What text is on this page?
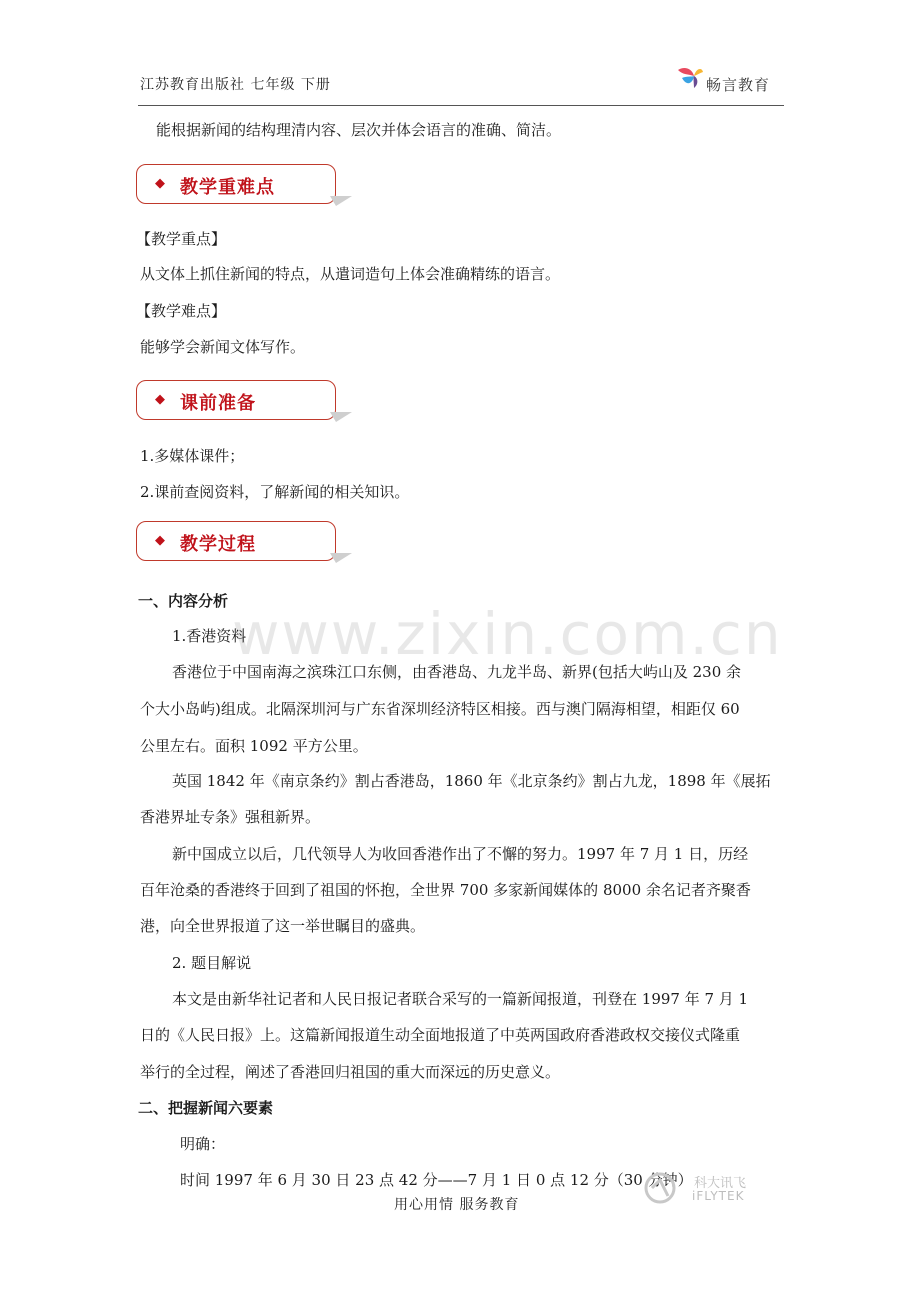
江苏教育出版社 七年级 下册	畅言教育
能根据新闻的结构理清内容、层次并体会语言的准确、简洁。
◆ 教学重难点
【教学重点】
从文体上抓住新闻的特点，从遣词造句上体会准确精练的语言。
【教学难点】
能够学会新闻文体写作。
◆ 课前准备
1.多媒体课件；
2.课前查阅资料，了解新闻的相关知识。
◆ 教学过程
www.zixin.com.cn
一、内容分析
1.香港资料
香港位于中国南海之滨珠江口东侧，由香港岛、九龙半岛、新界(包括大屿山及 230 余
个大小岛屿)组成。北隔深圳河与广东省深圳经济特区相接。西与澳门隔海相望，相距仅 60
公里左右。面积 1092 平方公里。
英国 1842 年《南京条约》割占香港岛，1860 年《北京条约》割占九龙，1898 年《展拓
香港界址专条》强租新界。
新中国成立以后，几代领导人为收回香港作出了不懈的努力。1997 年 7 月 1 日，历经
百年沧桑的香港终于回到了祖国的怀抱，全世界 700 多家新闻媒体的 8000 余名记者齐聚香
港，向全世界报道了这一举世瞩目的盛典。
2. 题目解说
本文是由新华社记者和人民日报记者联合采写的一篇新闻报道，刊登在 1997 年 7 月 1
日的《人民日报》上。这篇新闻报道生动全面地报道了中英两国政府香港政权交接仪式隆重
举行的全过程，阐述了香港回归祖国的重大而深远的历史意义。
二、把握新闻六要素
明确：
时间 1997 年 6 月 30 日 23 点 42 分——7 月 1 日 0 点 12 分（30 分钟） 科大讯飞
iFLYTEK
用心用情 服务教育
